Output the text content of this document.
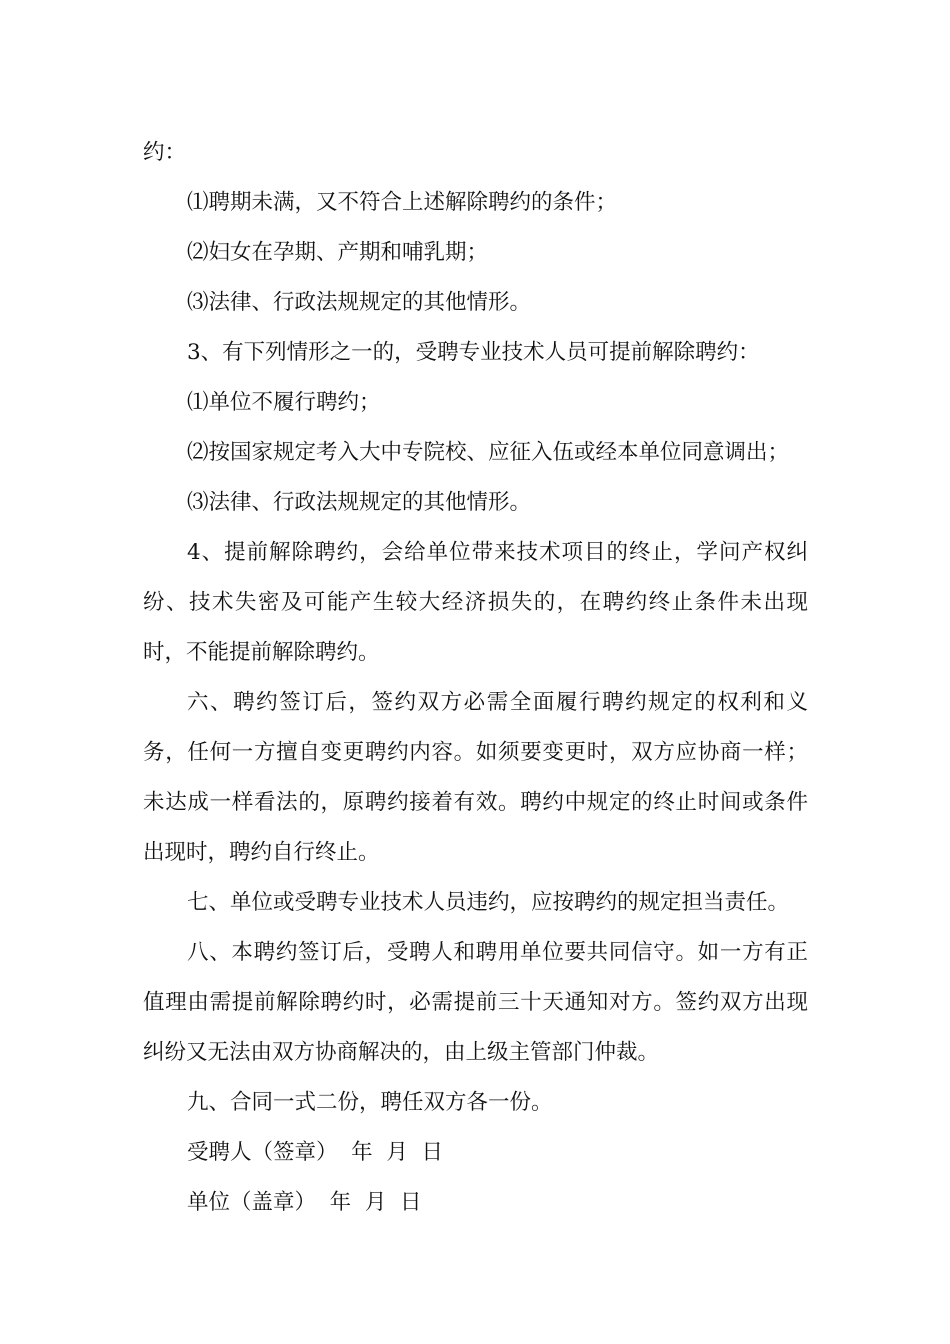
约：

⑴聘期未满，又不符合上述解除聘约的条件；

⑵妇女在孕期、产期和哺乳期；

⑶法律、行政法规规定的其他情形。

3、有下列情形之一的，受聘专业技术人员可提前解除聘约：

⑴单位不履行聘约；

⑵按国家规定考入大中专院校、应征入伍或经本单位同意调出；

⑶法律、行政法规规定的其他情形。

4、提前解除聘约，会给单位带来技术项目的终止，学问产权纠纷、技术失密及可能产生较大经济损失的，在聘约终止条件未出现时，不能提前解除聘约。

六、聘约签订后，签约双方必需全面履行聘约规定的权利和义务，任何一方擅自变更聘约内容。如须要变更时，双方应协商一样；未达成一样看法的，原聘约接着有效。聘约中规定的终止时间或条件出现时，聘约自行终止。

七、单位或受聘专业技术人员违约，应按聘约的规定担当责任。

八、本聘约签订后，受聘人和聘用单位要共同信守。如一方有正值理由需提前解除聘约时，必需提前三十天通知对方。签约双方出现纠纷又无法由双方协商解决的，由上级主管部门仲裁。

九、合同一式二份，聘任双方各一份。

受聘人（签章）  年  月  日

单位（盖章）  年  月  日
